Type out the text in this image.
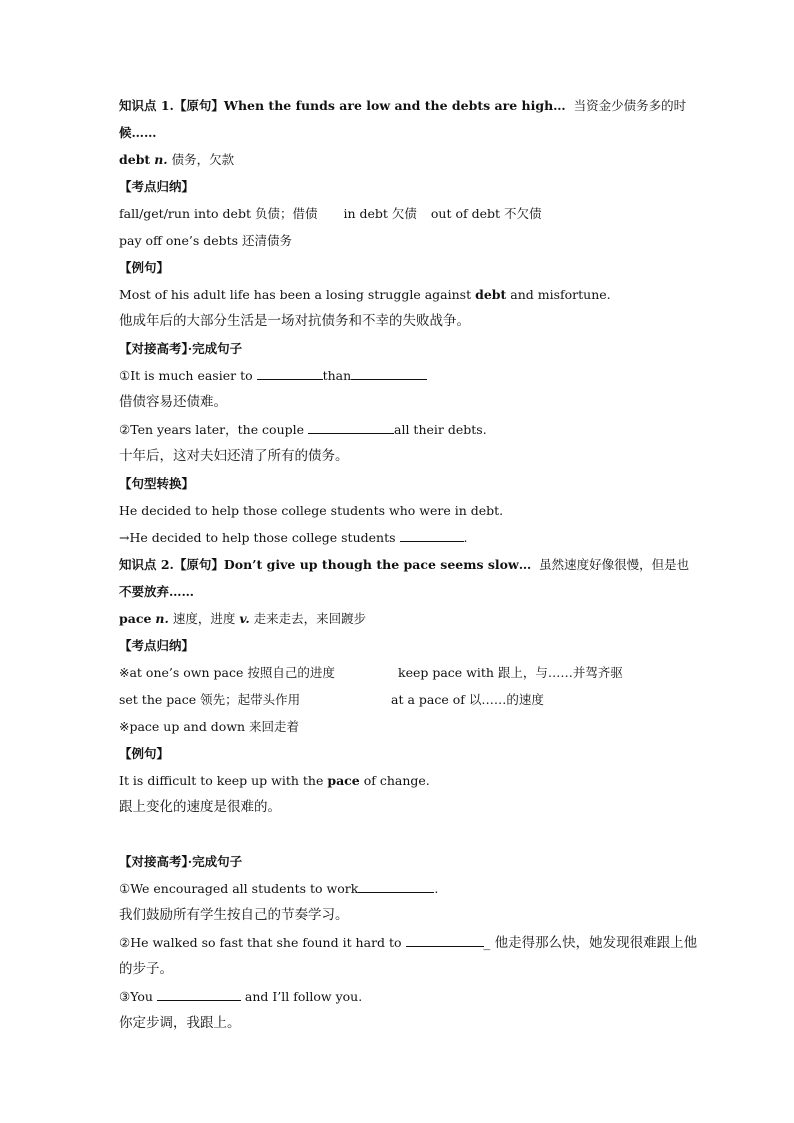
知识点 1.【原句】When the funds are low and the debts are high…  当资金少债务多的时
候……
debt n. 债务，欠款
【考点归纳】
fall/get/run into debt 负债；借债 in debt 欠债 out of debt 不欠债
pay off one’s debts 还清债务
【例句】
Most of his adult life has been a losing struggle against debt and misfortune.
他成年后的大部分生活是一场对抗债务和不幸的失败战争。
【对接高考】·完成句子
①It is much easier to	than
借债容易还债难。
②Ten years later，the couple	all their debts.
十年后，这对夫妇还清了所有的债务。
【句型转换】
He decided to help those college students who were in debt.
→He decided to help those college students	.
知识点 2.【原句】Don’t give up though the pace seems slow…  虽然速度好像很慢，但是也
不要放弃……
pace n. 速度，进度 v. 走来走去，来回踱步
【考点归纳】
※at one’s own pace 按照自己的进度	keep pace with 跟上，与……并驾齐驱
set the pace 领先；起带头作用	at a pace of 以……的速度
※pace up and down 来回走着
【例句】
It is difficult to keep up with the pace of change.
跟上变化的速度是很难的。
【对接高考】·完成句子
①We encouraged all students to work	.
我们鼓励所有学生按自己的节奏学习。
②He walked so fast that she found it hard to	_ 他走得那么快，她发现很难跟上他
的步子。
③You	and I’ll follow you.
你定步调，我跟上。
